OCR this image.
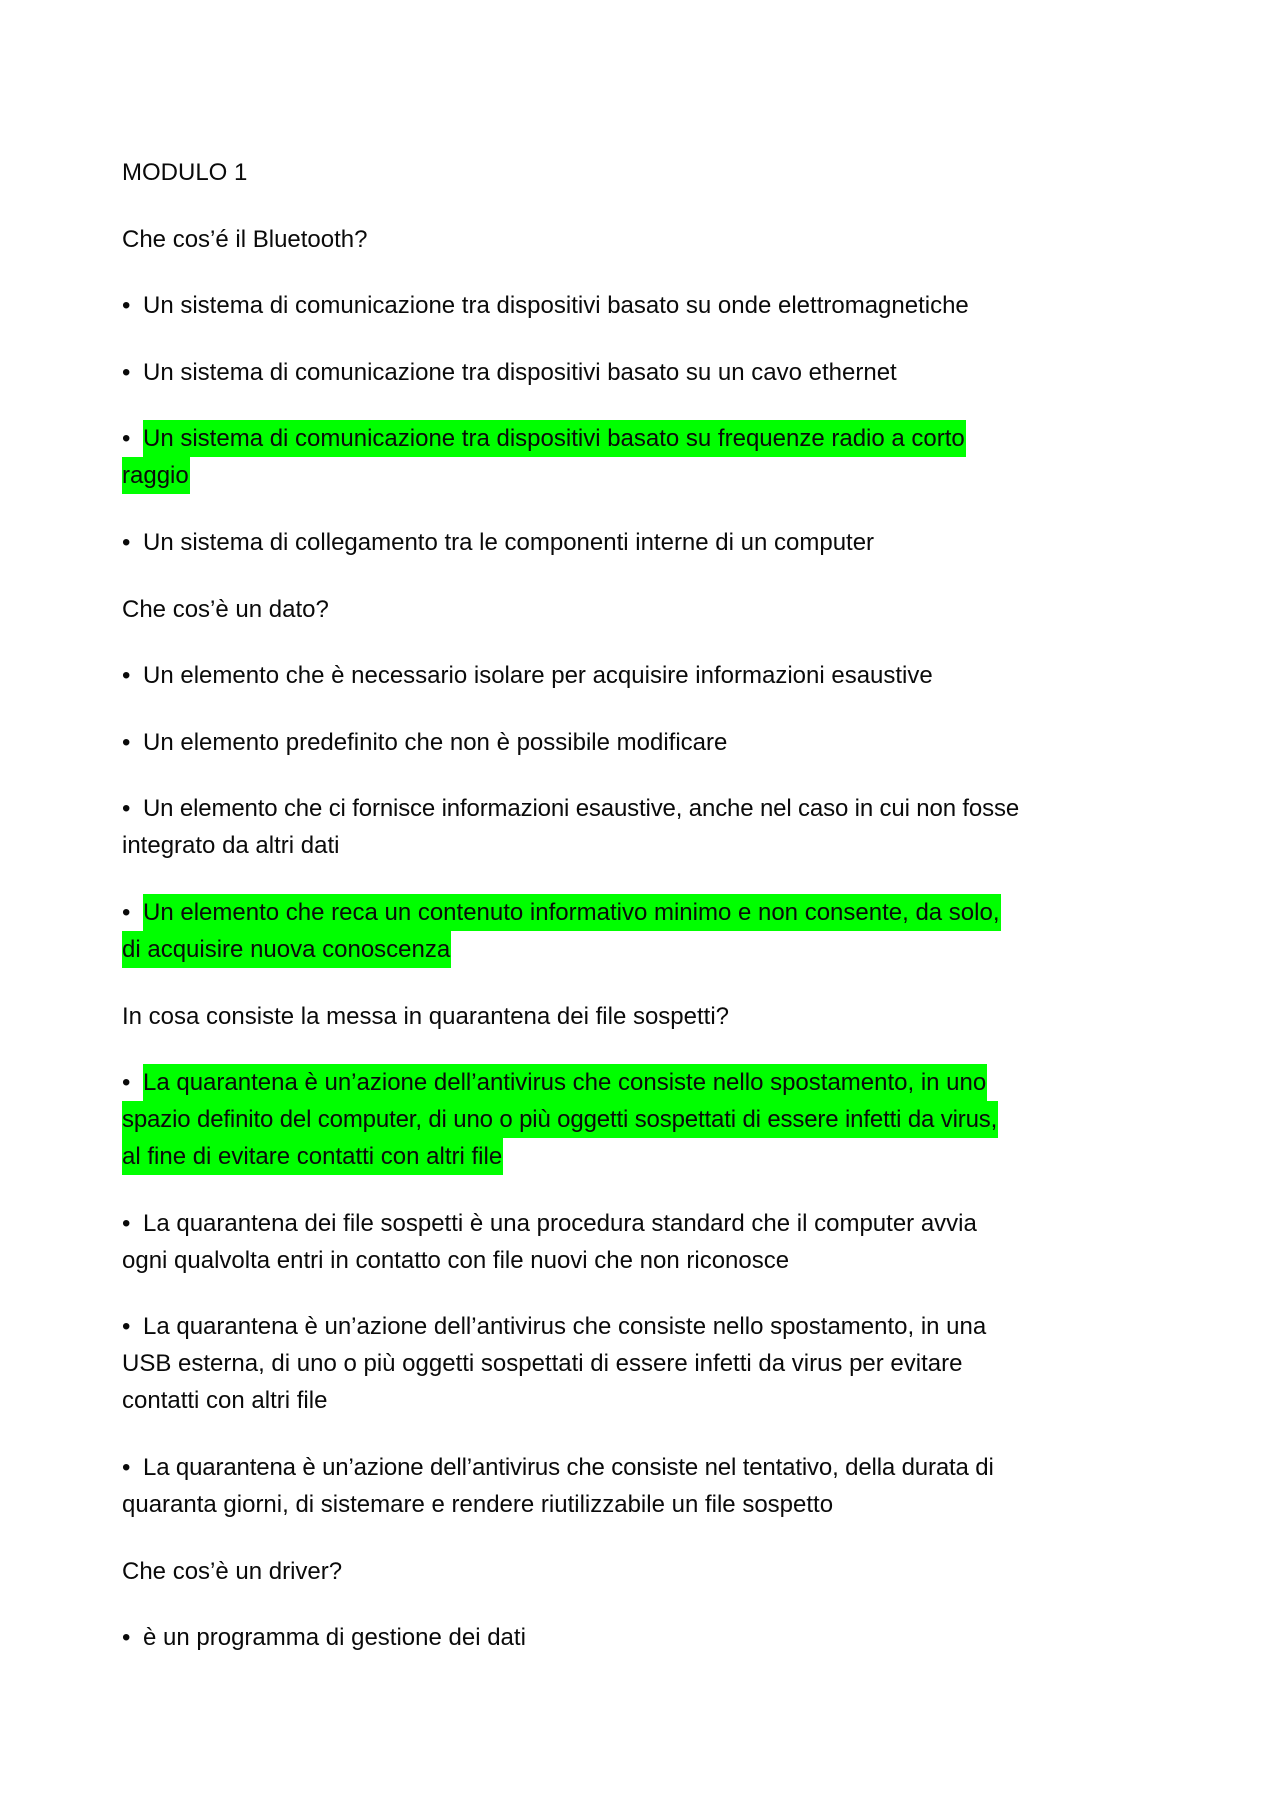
MODULO 1
Che cos’é il Bluetooth?
• Un sistema di comunicazione tra dispositivi basato su onde elettromagnetiche
• Un sistema di comunicazione tra dispositivi basato su un cavo ethernet
• Un sistema di comunicazione tra dispositivi basato su frequenze radio a corto
raggio
• Un sistema di collegamento tra le componenti interne di un computer
Che cos’è un dato?
• Un elemento che è necessario isolare per acquisire informazioni esaustive
• Un elemento predefinito che non è possibile modificare
• Un elemento che ci fornisce informazioni esaustive, anche nel caso in cui non fosse
integrato da altri dati
• Un elemento che reca un contenuto informativo minimo e non consente, da solo,
di acquisire nuova conoscenza
In cosa consiste la messa in quarantena dei file sospetti?
• La quarantena è un’azione dell’antivirus che consiste nello spostamento, in uno
spazio definito del computer, di uno o più oggetti sospettati di essere infetti da virus,
al fine di evitare contatti con altri file
• La quarantena dei file sospetti è una procedura standard che il computer avvia
ogni qualvolta entri in contatto con file nuovi che non riconosce
• La quarantena è un’azione dell’antivirus che consiste nello spostamento, in una
USB esterna, di uno o più oggetti sospettati di essere infetti da virus per evitare
contatti con altri file
• La quarantena è un’azione dell’antivirus che consiste nel tentativo, della durata di
quaranta giorni, di sistemare e rendere riutilizzabile un file sospetto
Che cos’è un driver?
• è un programma di gestione dei dati
